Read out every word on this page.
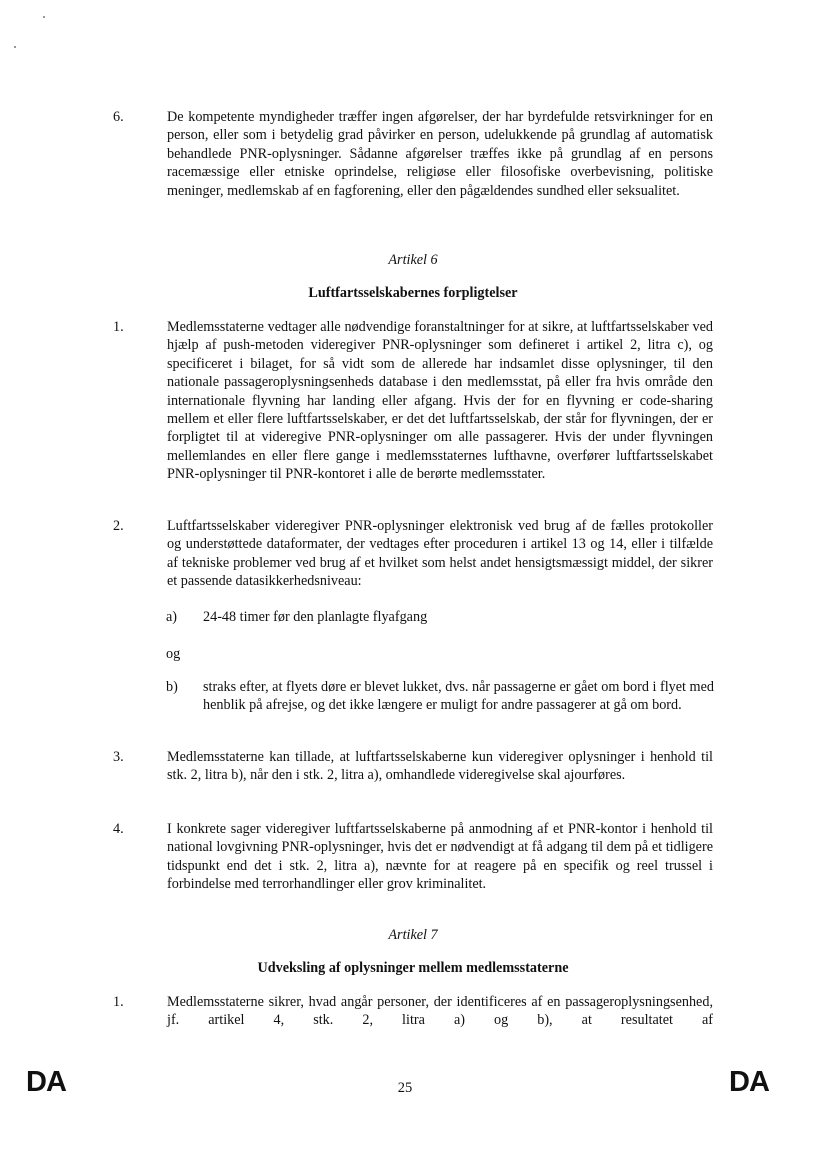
6.	De kompetente myndigheder træffer ingen afgørelser, der har byrdefulde retsvirkninger for en person, eller som i betydelig grad påvirker en person, udelukkende på grundlag af automatisk behandlede PNR-oplysninger. Sådanne afgørelser træffes ikke på grundlag af en persons racemæssige eller etniske oprindelse, religiøse eller filosofiske overbevisning, politiske meninger, medlemskab af en fagforening, eller den pågældendes sundhed eller seksualitet.
Artikel 6
Luftfartsselskabernes forpligtelser
1.	Medlemsstaterne vedtager alle nødvendige foranstaltninger for at sikre, at luftfartsselskaber ved hjælp af push-metoden videregiver PNR-oplysninger som defineret i artikel 2, litra c), og specificeret i bilaget, for så vidt som de allerede har indsamlet disse oplysninger, til den nationale passageroplysningsenheds database i den medlemsstat, på eller fra hvis område den internationale flyvning har landing eller afgang. Hvis der for en flyvning er code-sharing mellem et eller flere luftfartsselskaber, er det det luftfartsselskab, der står for flyvningen, der er forpligtet til at videregive PNR-oplysninger om alle passagerer. Hvis der under flyvningen mellemlandes en eller flere gange i medlemsstaternes lufthavne, overfører luftfartsselskabet PNR-oplysninger til PNR-kontoret i alle de berørte medlemsstater.
2.	Luftfartsselskaber videregiver PNR-oplysninger elektronisk ved brug af de fælles protokoller og understøttede dataformater, der vedtages efter proceduren i artikel 13 og 14, eller i tilfælde af tekniske problemer ved brug af et hvilket som helst andet hensigtsmæssigt middel, der sikrer et passende datasikkerhedsniveau:
a)	24-48 timer før den planlagte flyafgang
og
b)	straks efter, at flyets døre er blevet lukket, dvs. når passagerne er gået om bord i flyet med henblik på afrejse, og det ikke længere er muligt for andre passagerer at gå om bord.
3.	Medlemsstaterne kan tillade, at luftfartsselskaberne kun videregiver oplysninger i henhold til stk. 2, litra b), når den i stk. 2, litra a), omhandlede videregivelse skal ajourføres.
4.	I konkrete sager videregiver luftfartsselskaberne på anmodning af et PNR-kontor i henhold til national lovgivning PNR-oplysninger, hvis det er nødvendigt at få adgang til dem på et tidligere tidspunkt end det i stk. 2, litra a), nævnte for at reagere på en specifik og reel trussel i forbindelse med terrorhandlinger eller grov kriminalitet.
Artikel 7
Udveksling af oplysninger mellem medlemsstaterne
1.	Medlemsstaterne sikrer, hvad angår personer, der identificeres af en passageroplysningsenhed, jf. artikel 4, stk. 2, litra a) og b), at resultatet af
DA	25	DA
